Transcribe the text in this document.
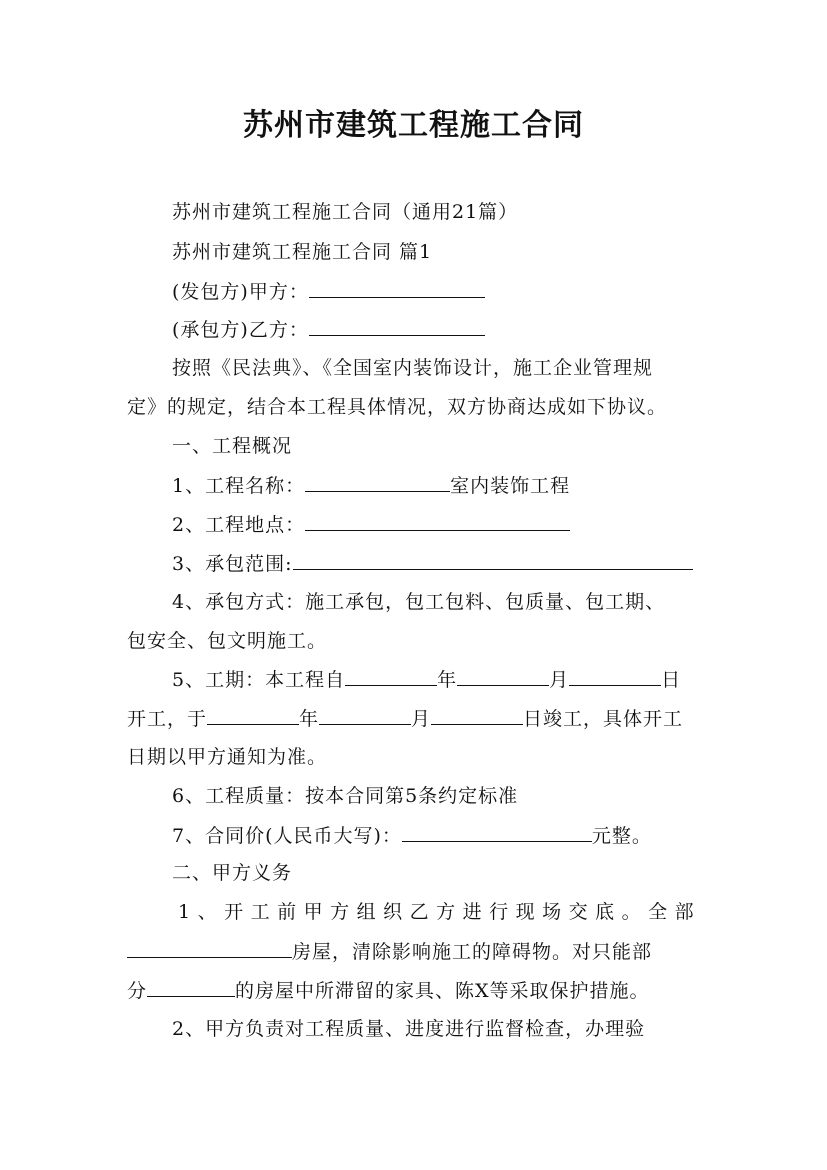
苏州市建筑工程施工合同
苏州市建筑工程施工合同（通用21篇）
苏州市建筑工程施工合同 篇1
(发包方)甲方：
(承包方)乙方：
按照《民法典》、《全国室内装饰设计，施工企业管理规
定》的规定，结合本工程具体情况，双方协商达成如下协议。
一、工程概况
1、工程名称：	室内装饰工程
2、工程地点：
3、承包范围:
4、承包方式：施工承包，包工包料、包质量、包工期、
包安全、包文明施工。
5、工期：本工程自	年	月	日
开工，于	年	月	日竣工，具体开工
日期以甲方通知为准。
6、工程质量：按本合同第5条约定标准
7、合同价(人民币大写)：	元整。
二、甲方义务
1、开工前甲方组织乙方进行现场交底。全部
房屋，清除影响施工的障碍物。对只能部
分	的房屋中所滞留的家具、陈X等采取保护措施。
2、甲方负责对工程质量、进度进行监督检查，办理验
